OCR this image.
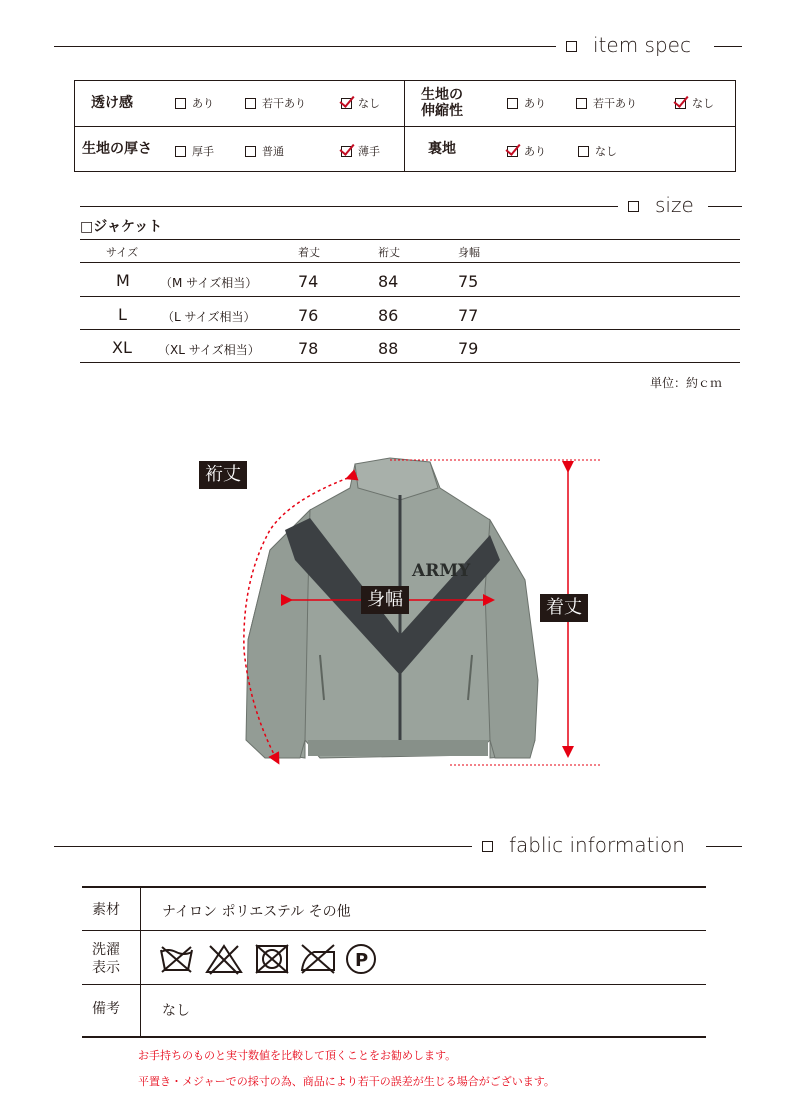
item spec
透け感	あり	若干あり	なし
生地の
伸縮性	あり	若干あり	なし
生地の厚さ	厚手	普通	薄手	裏地	あり	なし
size
□ジャケット
サイズ	着丈	裄丈	身幅
M	（M サイズ相当）	74	84	75
L	（L サイズ相当）	76	86	77
XL （XL サイズ相当） 78	88	79
単位：約ｃｍ
ARMY
裄丈
身幅	着丈
fablic information
素材	ナイロン ポリエステル その他
洗濯
表示	P
備考	なし
お手持ちのものと実寸数値を比較して頂くことをお勧めします。
平置き・メジャーでの採寸の為、商品により若干の誤差が生じる場合がございます。
